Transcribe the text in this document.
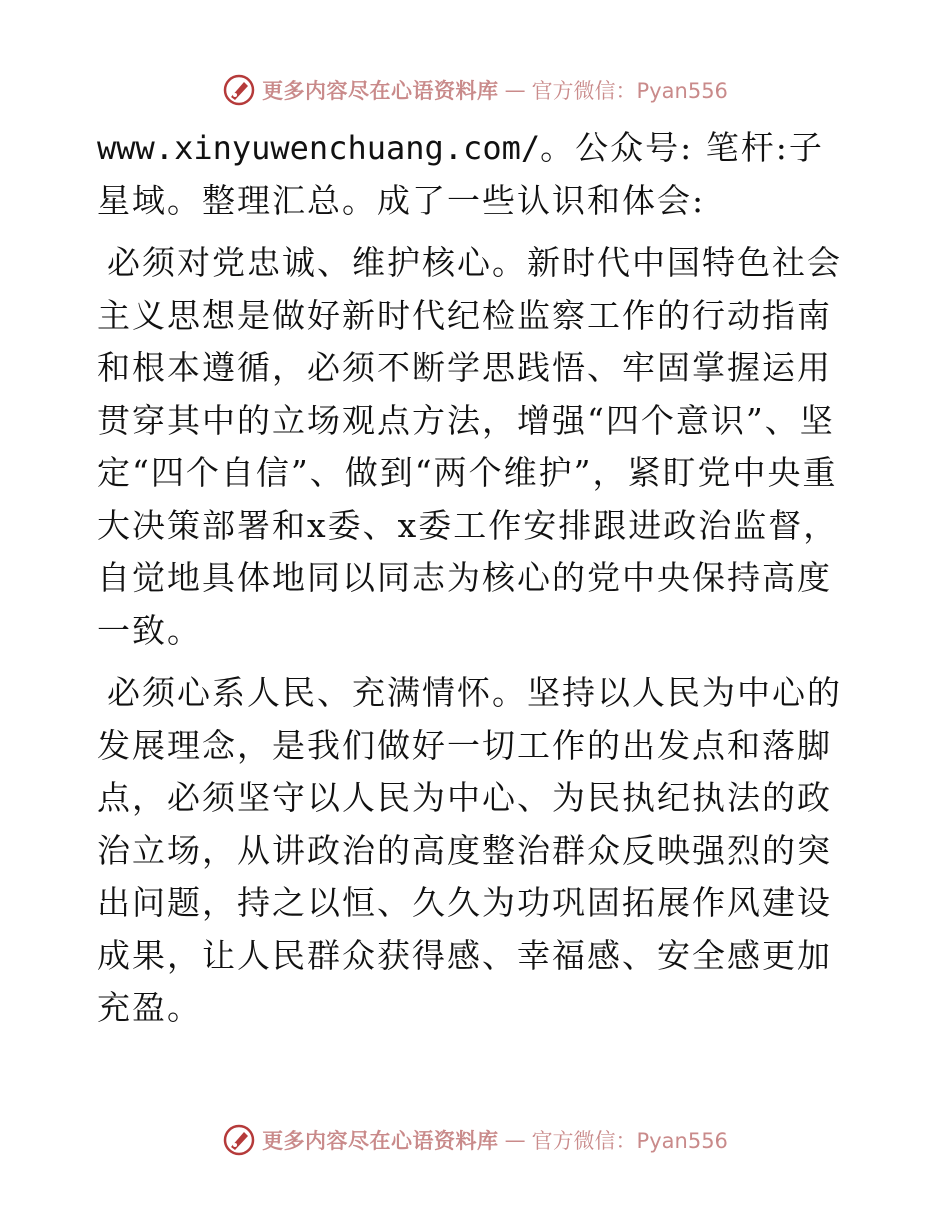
更多内容尽在心语资料库 — 官方微信：Pyan556

www.xinyuwenchuang.com/。公众号: 笔杆:子星域。整理汇总。成了一些认识和体会:

必须对党忠诚、维护核心。新时代中国特色社会主义思想是做好新时代纪检监察工作的行动指南和根本遵循，必须不断学思践悟、牢固掌握运用贯穿其中的立场观点方法，增强“四个意识”、坚定“四个自信”、做到“两个维护”，紧盯党中央重大决策部署和x委、x委工作安排跟进政治监督，自觉地具体地同以同志为核心的党中央保持高度一致。

必须心系人民、充满情怀。坚持以人民为中心的发展理念，是我们做好一切工作的出发点和落脚点，必须坚守以人民为中心、为民执纪执法的政治立场，从讲政治的高度整治群众反映强烈的突出问题，持之以恒、久久为功巩固拓展作风建设成果，让人民群众获得感、幸福感、安全感更加充盈。

更多内容尽在心语资料库 — 官方微信：Pyan556
